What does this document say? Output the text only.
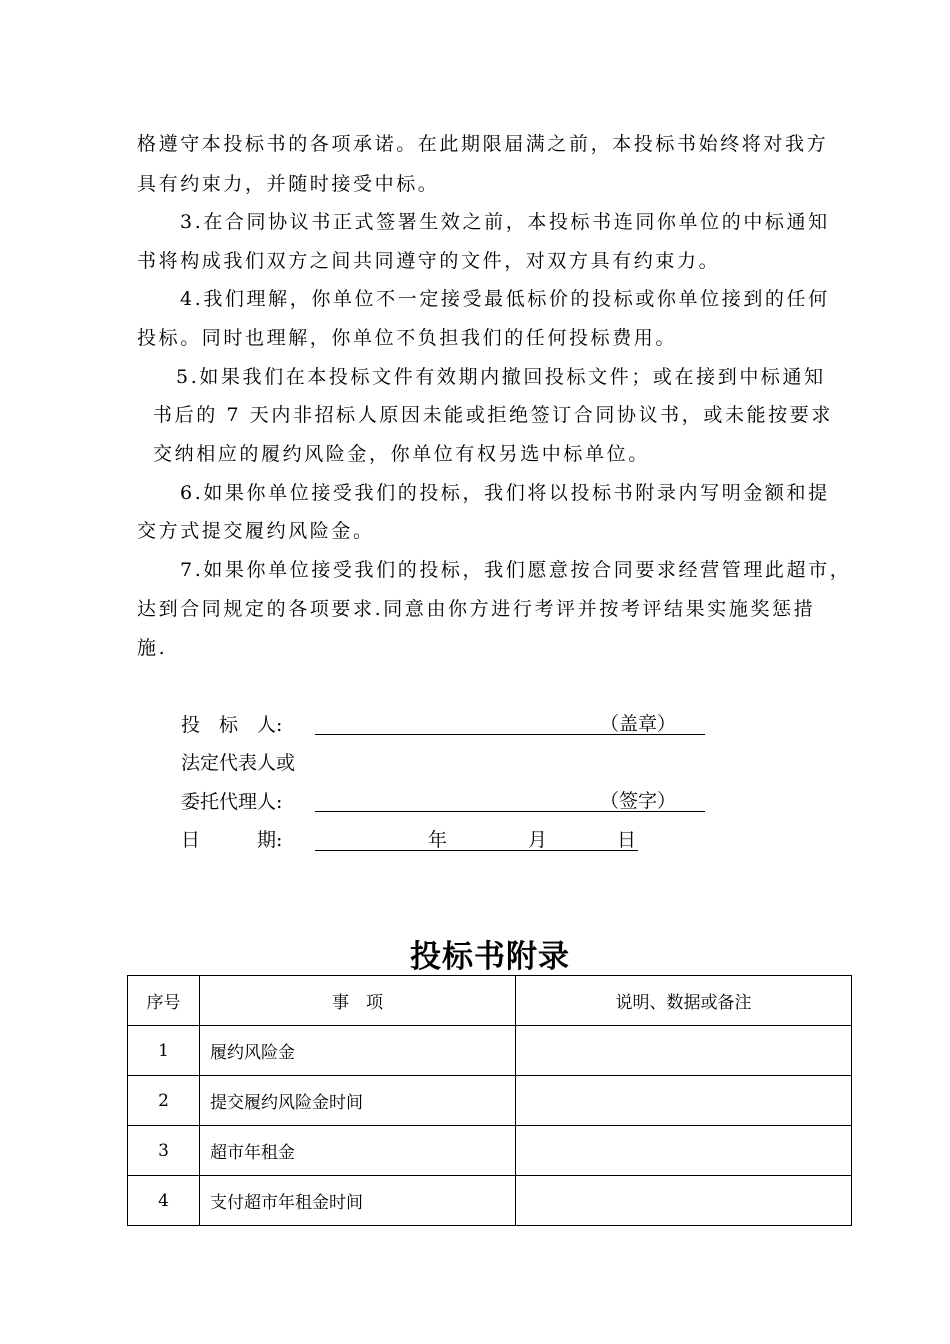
格遵守本投标书的各项承诺。在此期限届满之前，本投标书始终将对我方
具有约束力，并随时接受中标。
3.在合同协议书正式签署生效之前，本投标书连同你单位的中标通知
书将构成我们双方之间共同遵守的文件，对双方具有约束力。
4.我们理解，你单位不一定接受最低标价的投标或你单位接到的任何
投标。同时也理解，你单位不负担我们的任何投标费用。
5.如果我们在本投标文件有效期内撤回投标文件；或在接到中标通知
书后的 7 天内非招标人原因未能或拒绝签订合同协议书，或未能按要求
交纳相应的履约风险金，你单位有权另选中标单位。
6.如果你单位接受我们的投标，我们将以投标书附录内写明金额和提
交方式提交履约风险金。
7.如果你单位接受我们的投标，我们愿意按合同要求经营管理此超市，
达到合同规定的各项要求.同意由你方进行考评并按考评结果实施奖惩措
施.
投　标　人:	（盖章）
法定代表人或
委托代理人:	（签字）
日　　　期:	年	月	日
投标书附录
序号	事　项	说明、数据或备注
1	履约风险金	
2	提交履约风险金时间	
3	超市年租金	
4	支付超市年租金时间	
